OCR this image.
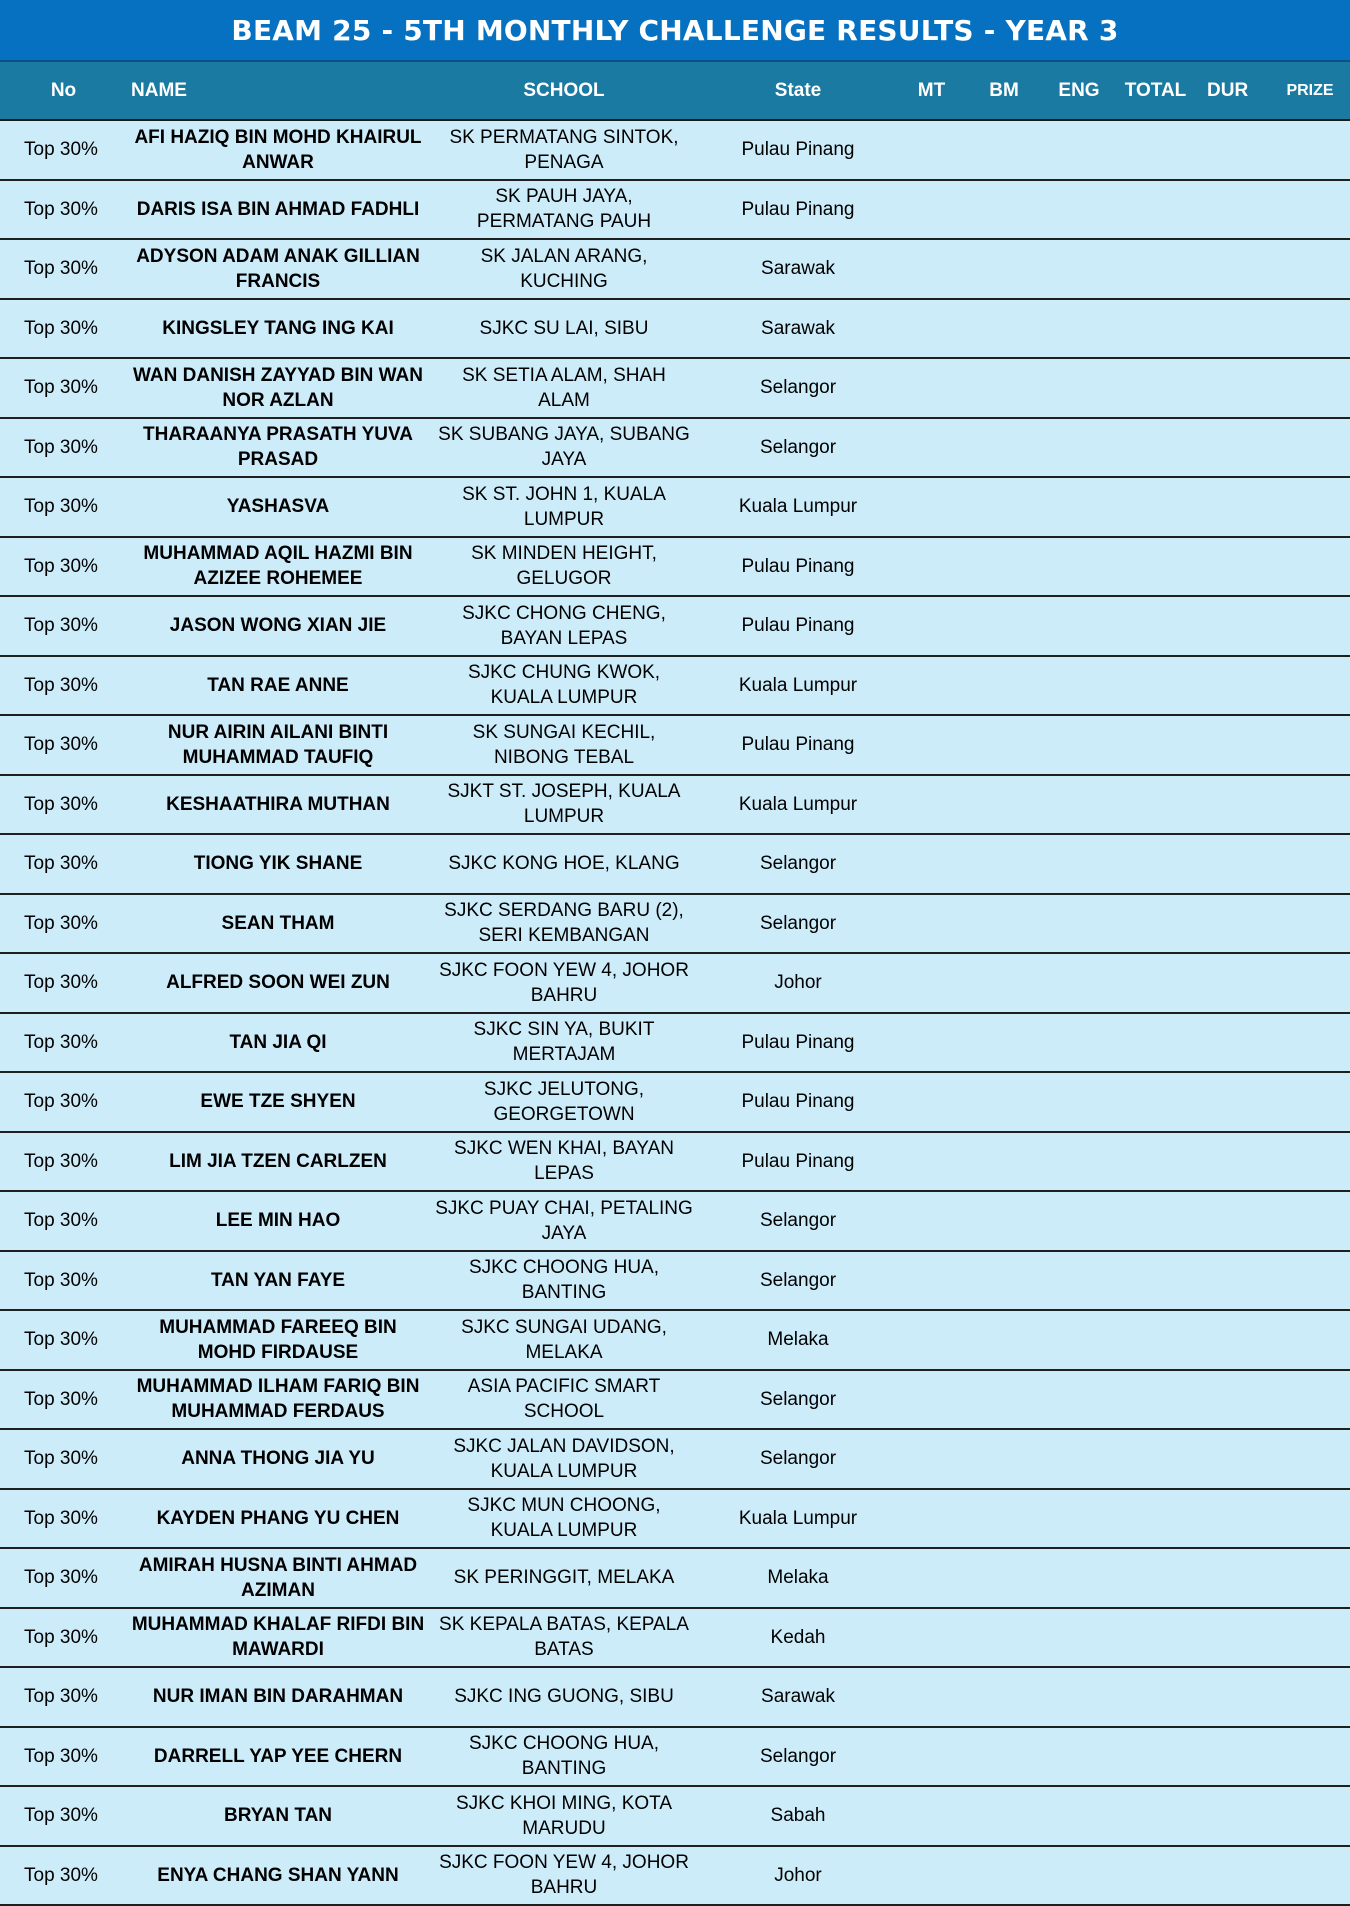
BEAM 25 - 5TH MONTHLY CHALLENGE RESULTS - YEAR 3
No	NAME	SCHOOL	State	MT	BM	ENG	TOTAL	DUR	PRIZE
Top 30%	AFI HAZIQ BIN MOHD KHAIRUL ANWAR	SK PERMATANG SINTOK, PENAGA	Pulau Pinang						
Top 30%	DARIS ISA BIN AHMAD FADHLI	SK PAUH JAYA, PERMATANG PAUH	Pulau Pinang						
Top 30%	ADYSON ADAM ANAK GILLIAN FRANCIS	SK JALAN ARANG, KUCHING	Sarawak						
Top 30%	KINGSLEY TANG ING KAI	SJKC SU LAI, SIBU	Sarawak						
Top 30%	WAN DANISH ZAYYAD BIN WAN NOR AZLAN	SK SETIA ALAM, SHAH ALAM	Selangor						
Top 30%	THARAANYA PRASATH YUVA PRASAD	SK SUBANG JAYA, SUBANG JAYA	Selangor						
Top 30%	YASHASVA	SK ST. JOHN 1, KUALA LUMPUR	Kuala Lumpur						
Top 30%	MUHAMMAD AQIL HAZMI BIN AZIZEE ROHEMEE	SK MINDEN HEIGHT, GELUGOR	Pulau Pinang						
Top 30%	JASON WONG XIAN JIE	SJKC CHONG CHENG, BAYAN LEPAS	Pulau Pinang						
Top 30%	TAN RAE ANNE	SJKC CHUNG KWOK, KUALA LUMPUR	Kuala Lumpur						
Top 30%	NUR AIRIN AILANI BINTI MUHAMMAD TAUFIQ	SK SUNGAI KECHIL, NIBONG TEBAL	Pulau Pinang						
Top 30%	KESHAATHIRA MUTHAN	SJKT ST. JOSEPH, KUALA LUMPUR	Kuala Lumpur						
Top 30%	TIONG YIK SHANE	SJKC KONG HOE, KLANG	Selangor						
Top 30%	SEAN THAM	SJKC SERDANG BARU (2), SERI KEMBANGAN	Selangor						
Top 30%	ALFRED SOON WEI ZUN	SJKC FOON YEW 4, JOHOR BAHRU	Johor						
Top 30%	TAN JIA QI	SJKC SIN YA, BUKIT MERTAJAM	Pulau Pinang						
Top 30%	EWE TZE SHYEN	SJKC JELUTONG, GEORGETOWN	Pulau Pinang						
Top 30%	LIM JIA TZEN CARLZEN	SJKC WEN KHAI, BAYAN LEPAS	Pulau Pinang						
Top 30%	LEE MIN HAO	SJKC PUAY CHAI, PETALING JAYA	Selangor						
Top 30%	TAN YAN FAYE	SJKC CHOONG HUA, BANTING	Selangor						
Top 30%	MUHAMMAD FAREEQ BIN MOHD FIRDAUSE	SJKC SUNGAI UDANG, MELAKA	Melaka						
Top 30%	MUHAMMAD ILHAM FARIQ BIN MUHAMMAD FERDAUS	ASIA PACIFIC SMART SCHOOL	Selangor						
Top 30%	ANNA THONG JIA YU	SJKC JALAN DAVIDSON, KUALA LUMPUR	Selangor						
Top 30%	KAYDEN PHANG YU CHEN	SJKC MUN CHOONG, KUALA LUMPUR	Kuala Lumpur						
Top 30%	AMIRAH HUSNA BINTI AHMAD AZIMAN	SK PERINGGIT, MELAKA	Melaka						
Top 30%	MUHAMMAD KHALAF RIFDI BIN MAWARDI	SK KEPALA BATAS, KEPALA BATAS	Kedah						
Top 30%	NUR IMAN BIN DARAHMAN	SJKC ING GUONG, SIBU	Sarawak						
Top 30%	DARRELL YAP YEE CHERN	SJKC CHOONG HUA, BANTING	Selangor						
Top 30%	BRYAN TAN	SJKC KHOI MING, KOTA MARUDU	Sabah						
Top 30%	ENYA CHANG SHAN YANN	SJKC FOON YEW 4, JOHOR BAHRU	Johor						
